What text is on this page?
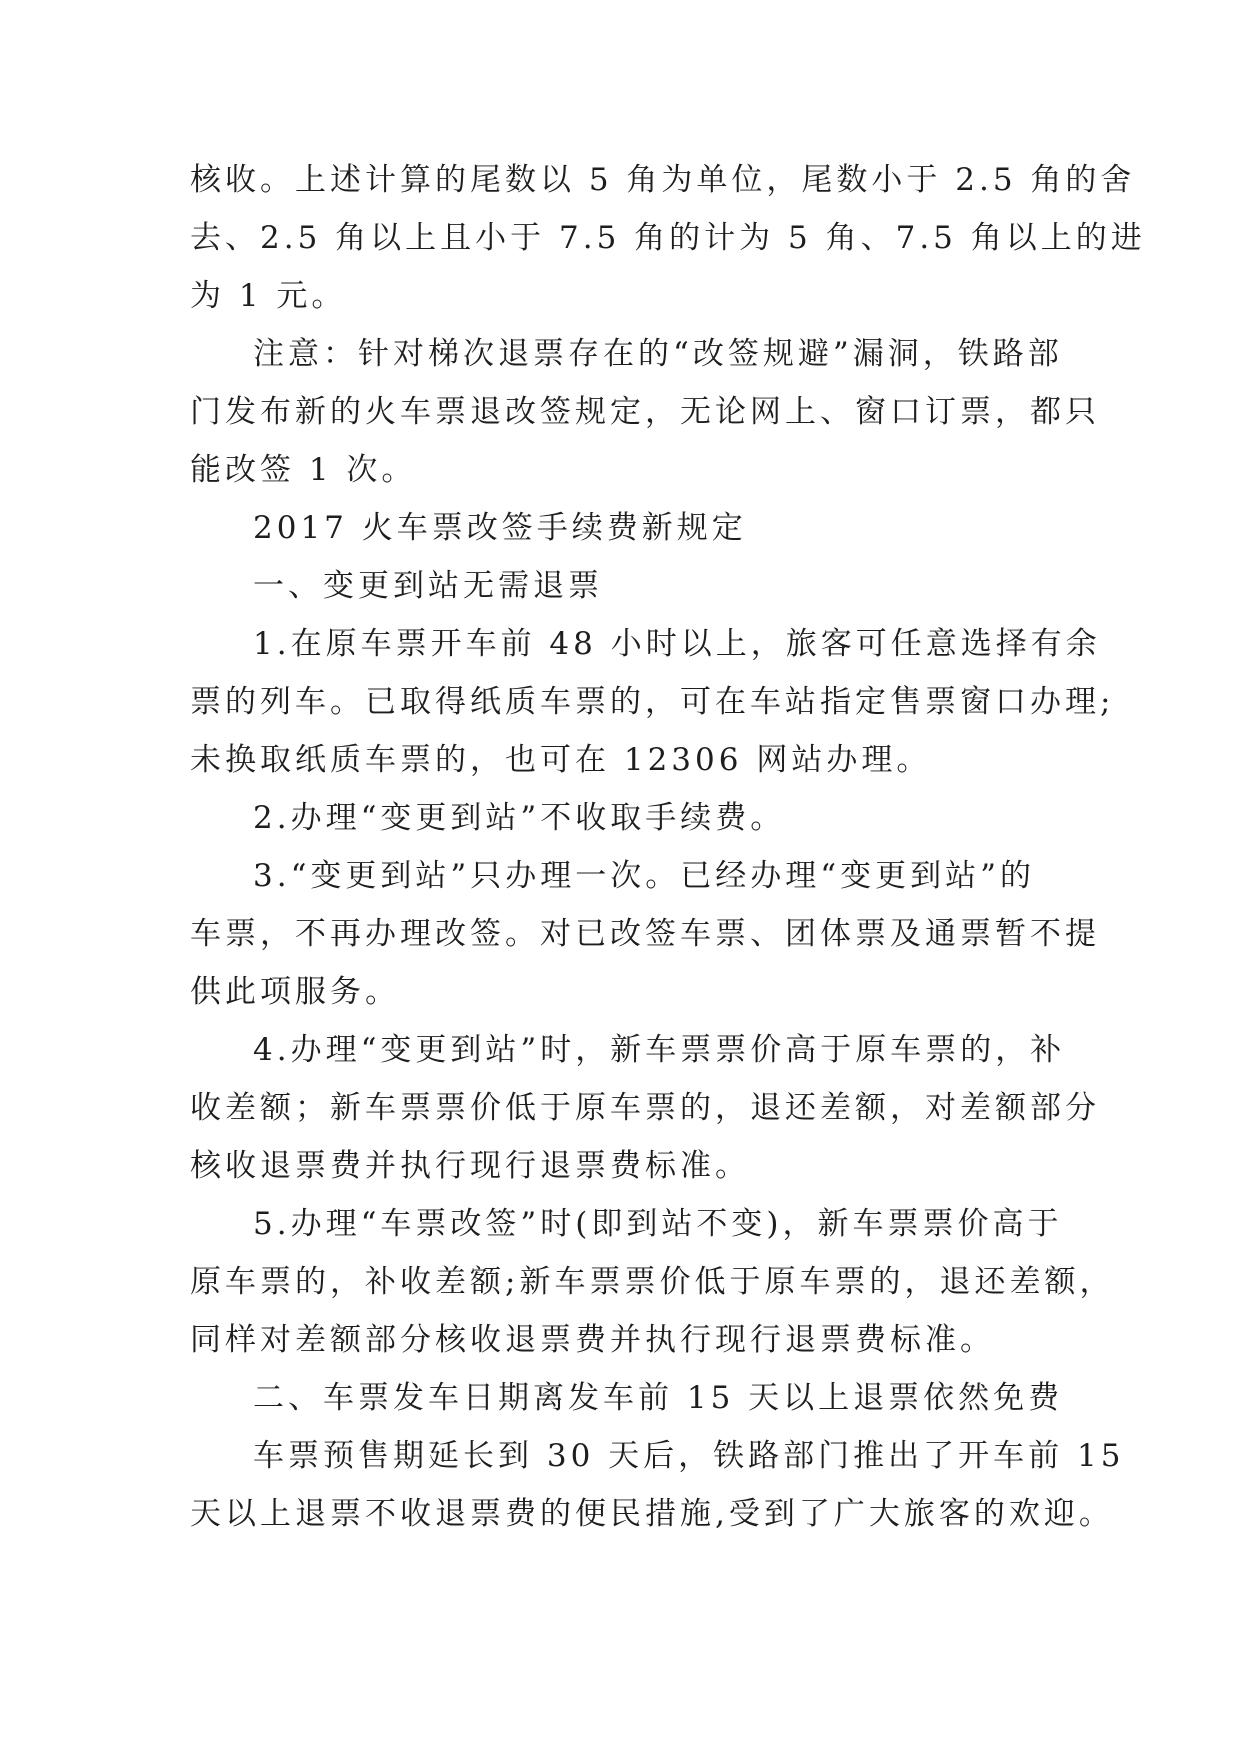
核收。上述计算的尾数以 5 角为单位，尾数小于 2.5 角的舍
去、2.5 角以上且小于 7.5 角的计为 5 角、7.5 角以上的进
为 1 元。
注意：针对梯次退票存在的“改签规避”漏洞，铁路部
门发布新的火车票退改签规定，无论网上、窗口订票，都只
能改签 1 次。
2017 火车票改签手续费新规定
一、变更到站无需退票
1.在原车票开车前 48 小时以上，旅客可任意选择有余
票的列车。已取得纸质车票的，可在车站指定售票窗口办理;
未换取纸质车票的，也可在 12306 网站办理。
2.办理“变更到站”不收取手续费。
3.“变更到站”只办理一次。已经办理“变更到站”的
车票，不再办理改签。对已改签车票、团体票及通票暂不提
供此项服务。
4.办理“变更到站”时，新车票票价高于原车票的，补
收差额；新车票票价低于原车票的，退还差额，对差额部分
核收退票费并执行现行退票费标准。
5.办理“车票改签”时(即到站不变)，新车票票价高于
原车票的，补收差额;新车票票价低于原车票的，退还差额，
同样对差额部分核收退票费并执行现行退票费标准。
二、车票发车日期离发车前 15 天以上退票依然免费
车票预售期延长到 30 天后，铁路部门推出了开车前 15
天以上退票不收退票费的便民措施,受到了广大旅客的欢迎。
